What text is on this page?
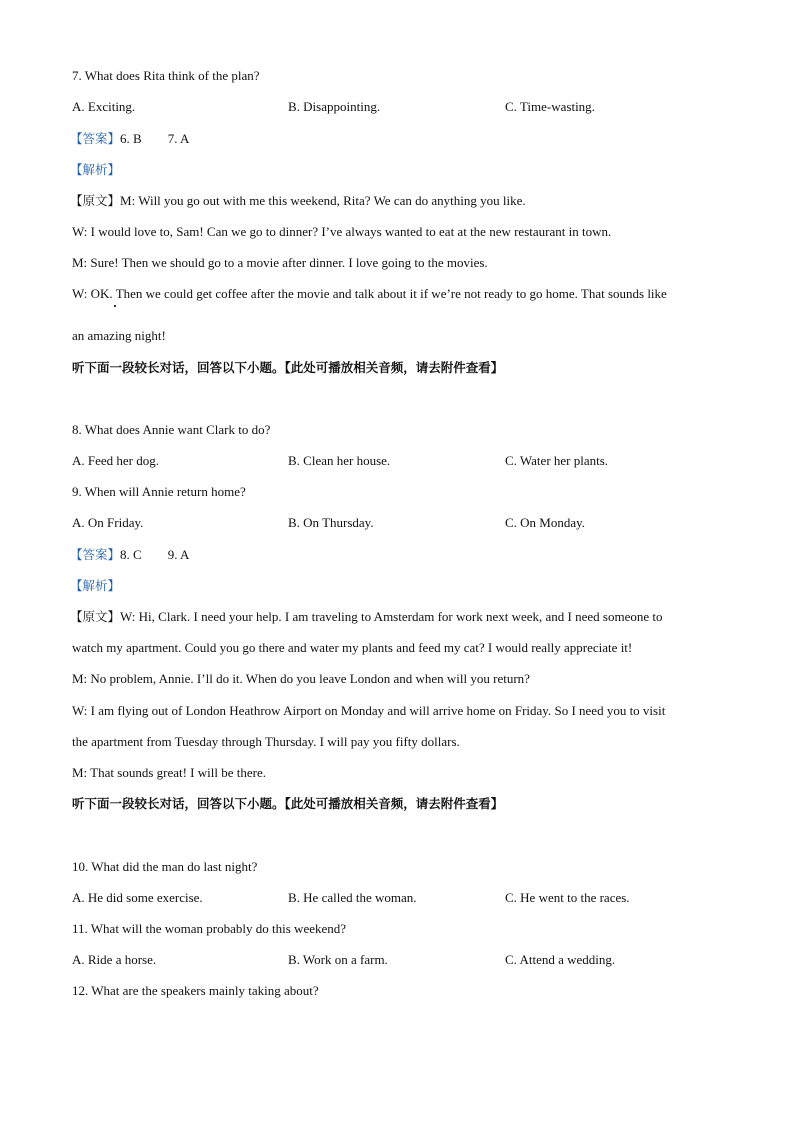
7. What does Rita think of the plan?
A. Exciting.	B. Disappointing.	C. Time-wasting.
【答案】6. B 7. A
【解析】
【原文】M: Will you go out with me this weekend, Rita? We can do anything you like.
W: I would love to, Sam! Can we go to dinner? I’ve always wanted to eat at the new restaurant in town.
M: Sure! Then we should go to a movie after dinner. I love going to the movies.
W: OK. Then we could get coffee after the movie and talk about it if we’re not ready to go home. That sounds like
an amazing night!
听下面一段较长对话，回答以下小题。【此处可播放相关音频，请去附件查看】
8. What does Annie want Clark to do?
A. Feed her dog.	B. Clean her house.	C. Water her plants.
9. When will Annie return home?
A. On Friday.	B. On Thursday.	C. On Monday.
【答案】8. C 9. A
【解析】
【原文】W: Hi, Clark. I need your help. I am traveling to Amsterdam for work next week, and I need someone to
watch my apartment. Could you go there and water my plants and feed my cat? I would really appreciate it!
M: No problem, Annie. I’ll do it. When do you leave London and when will you return?
W: I am flying out of London Heathrow Airport on Monday and will arrive home on Friday. So I need you to visit
the apartment from Tuesday through Thursday. I will pay you fifty dollars.
M: That sounds great! I will be there.
听下面一段较长对话，回答以下小题。【此处可播放相关音频，请去附件查看】
10. What did the man do last night?
A. He did some exercise.	B. He called the woman.	C. He went to the races.
11. What will the woman probably do this weekend?
A. Ride a horse.	B. Work on a farm.	C. Attend a wedding.
12. What are the speakers mainly taking about?
